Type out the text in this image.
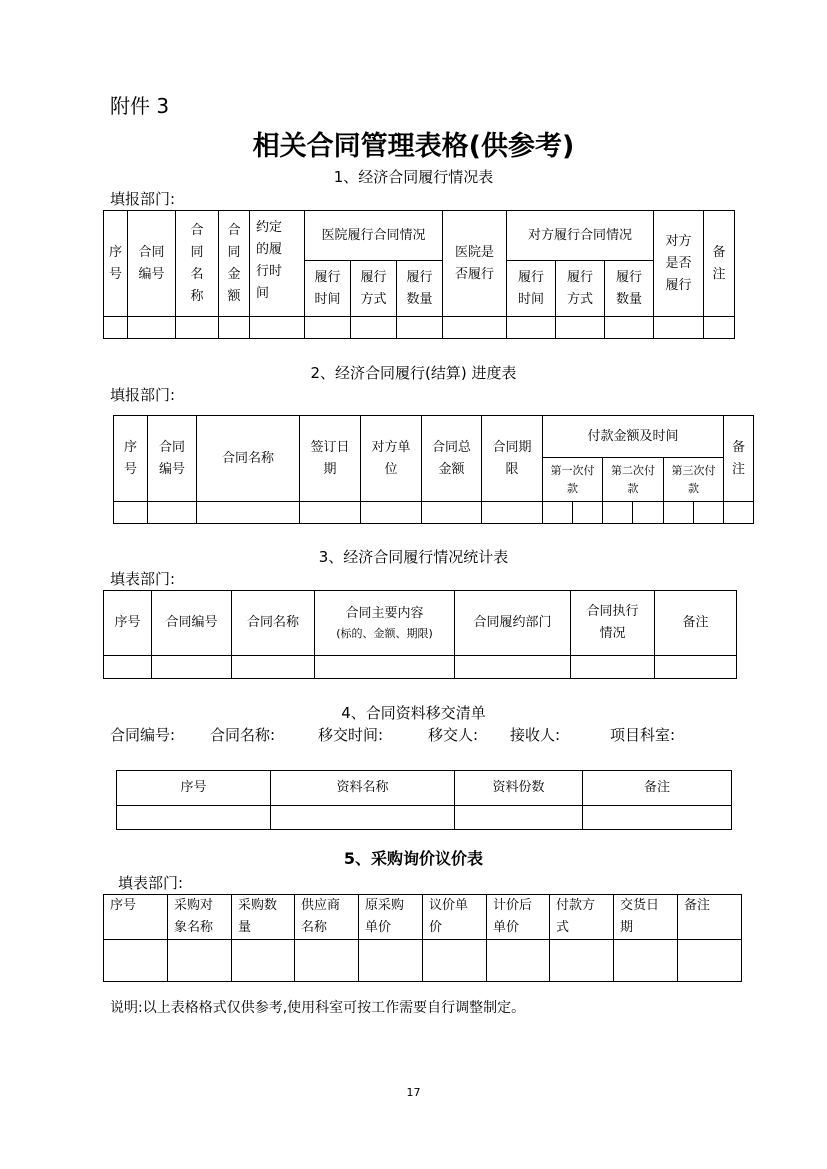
附件 3
相关合同管理表格(供参考)
1、经济合同履行情况表
填报部门:
序号	合同编号	合同名称	合同金额	约定的履行时间	医院履行合同情况			医院是否履行	对方履行合同情况			对方是否履行	备注
					履行时间	履行方式	履行数量		履行时间	履行方式	履行数量		

2、经济合同履行(结算) 进度表
填报部门:
序号	合同编号	合同名称	签订日期	对方单位	合同总金额	合同期限	付款金额及时间						备注
							第一次付款		第二次付款		第三次付款		

3、经济合同履行情况统计表
填表部门:
序号	合同编号	合同名称	合同主要内容
(标的、金额、期限)	合同履约部门	合同执行情况	备注

4、合同资料移交清单
合同编号: 合同名称:	移交时间:	移交人: 接收人:	项目科室:
序号	资料名称	资料份数	备注

5、采购询价议价表
填表部门:
序号	采购对象名称	采购数量	供应商名称	原采购单价	议价单价	计价后单价	付款方式	交货日期	备注

说明:以上表格格式仅供参考,使用科室可按工作需要自行调整制定。
17
